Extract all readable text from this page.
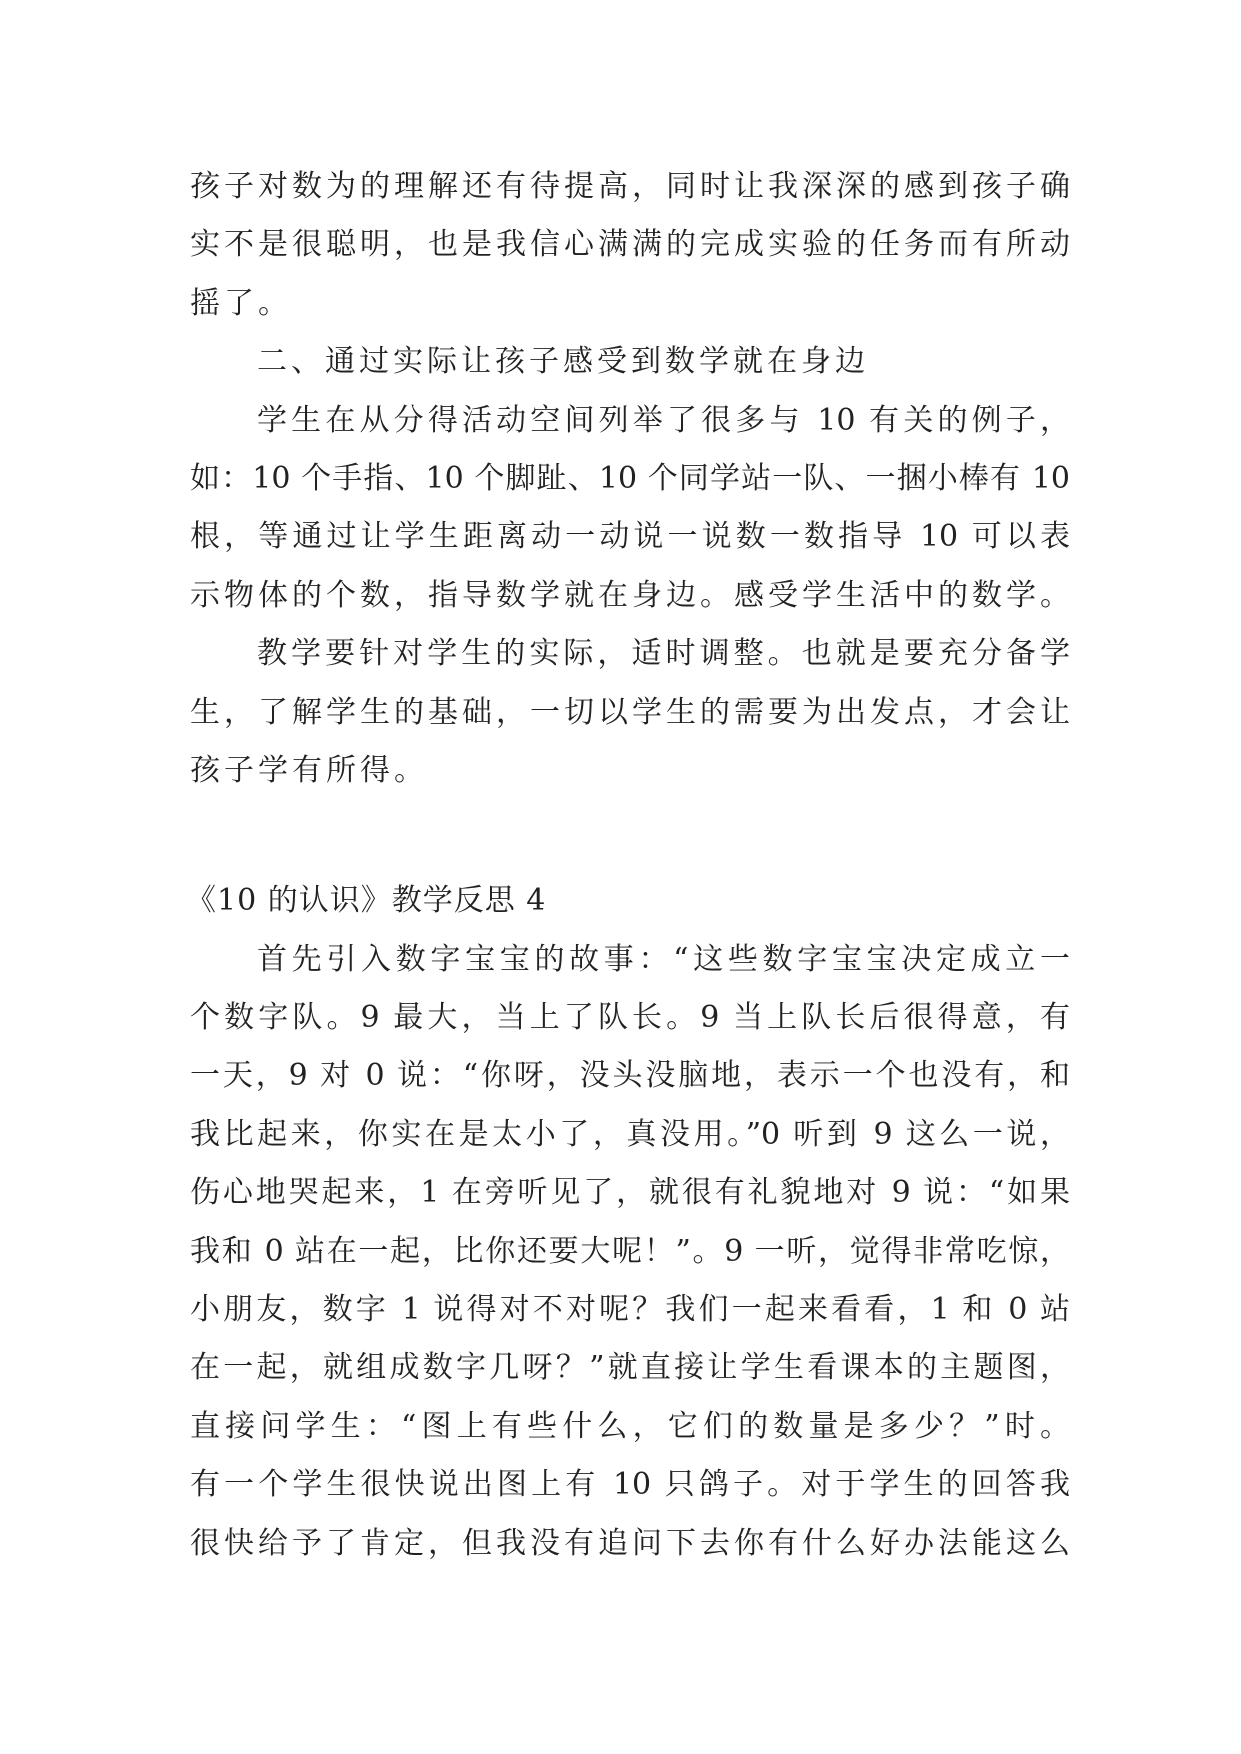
孩子对数为的理解还有待提高，同时让我深深的感到孩子确
实不是很聪明，也是我信心满满的完成实验的任务而有所动
摇了。
二、通过实际让孩子感受到数学就在身边
学生在从分得活动空间列举了很多与 10 有关的例子，
如：10 个手指、10 个脚趾、10 个同学站一队、一捆小棒有 10
根，等通过让学生距离动一动说一说数一数指导 10 可以表
示物体的个数，指导数学就在身边。感受学生活中的数学。
教学要针对学生的实际，适时调整。也就是要充分备学
生，了解学生的基础，一切以学生的需要为出发点，才会让
孩子学有所得。
《10 的认识》教学反思 4
首先引入数字宝宝的故事：“这些数字宝宝决定成立一
个数字队。9 最大，当上了队长。9 当上队长后很得意，有
一天，9 对 0 说：“你呀，没头没脑地，表示一个也没有，和
我比起来，你实在是太小了，真没用。”0 听到 9 这么一说，
伤心地哭起来，1 在旁听见了，就很有礼貌地对 9 说：“如果
我和 0 站在一起，比你还要大呢！”。9 一听，觉得非常吃惊，
小朋友，数字 1 说得对不对呢？我们一起来看看，1 和 0 站
在一起，就组成数字几呀？”就直接让学生看课本的主题图，
直接问学生：“图上有些什么，它们的数量是多少？”时。
有一个学生很快说出图上有 10 只鸽子。对于学生的回答我
很快给予了肯定，但我没有追问下去你有什么好办法能这么
